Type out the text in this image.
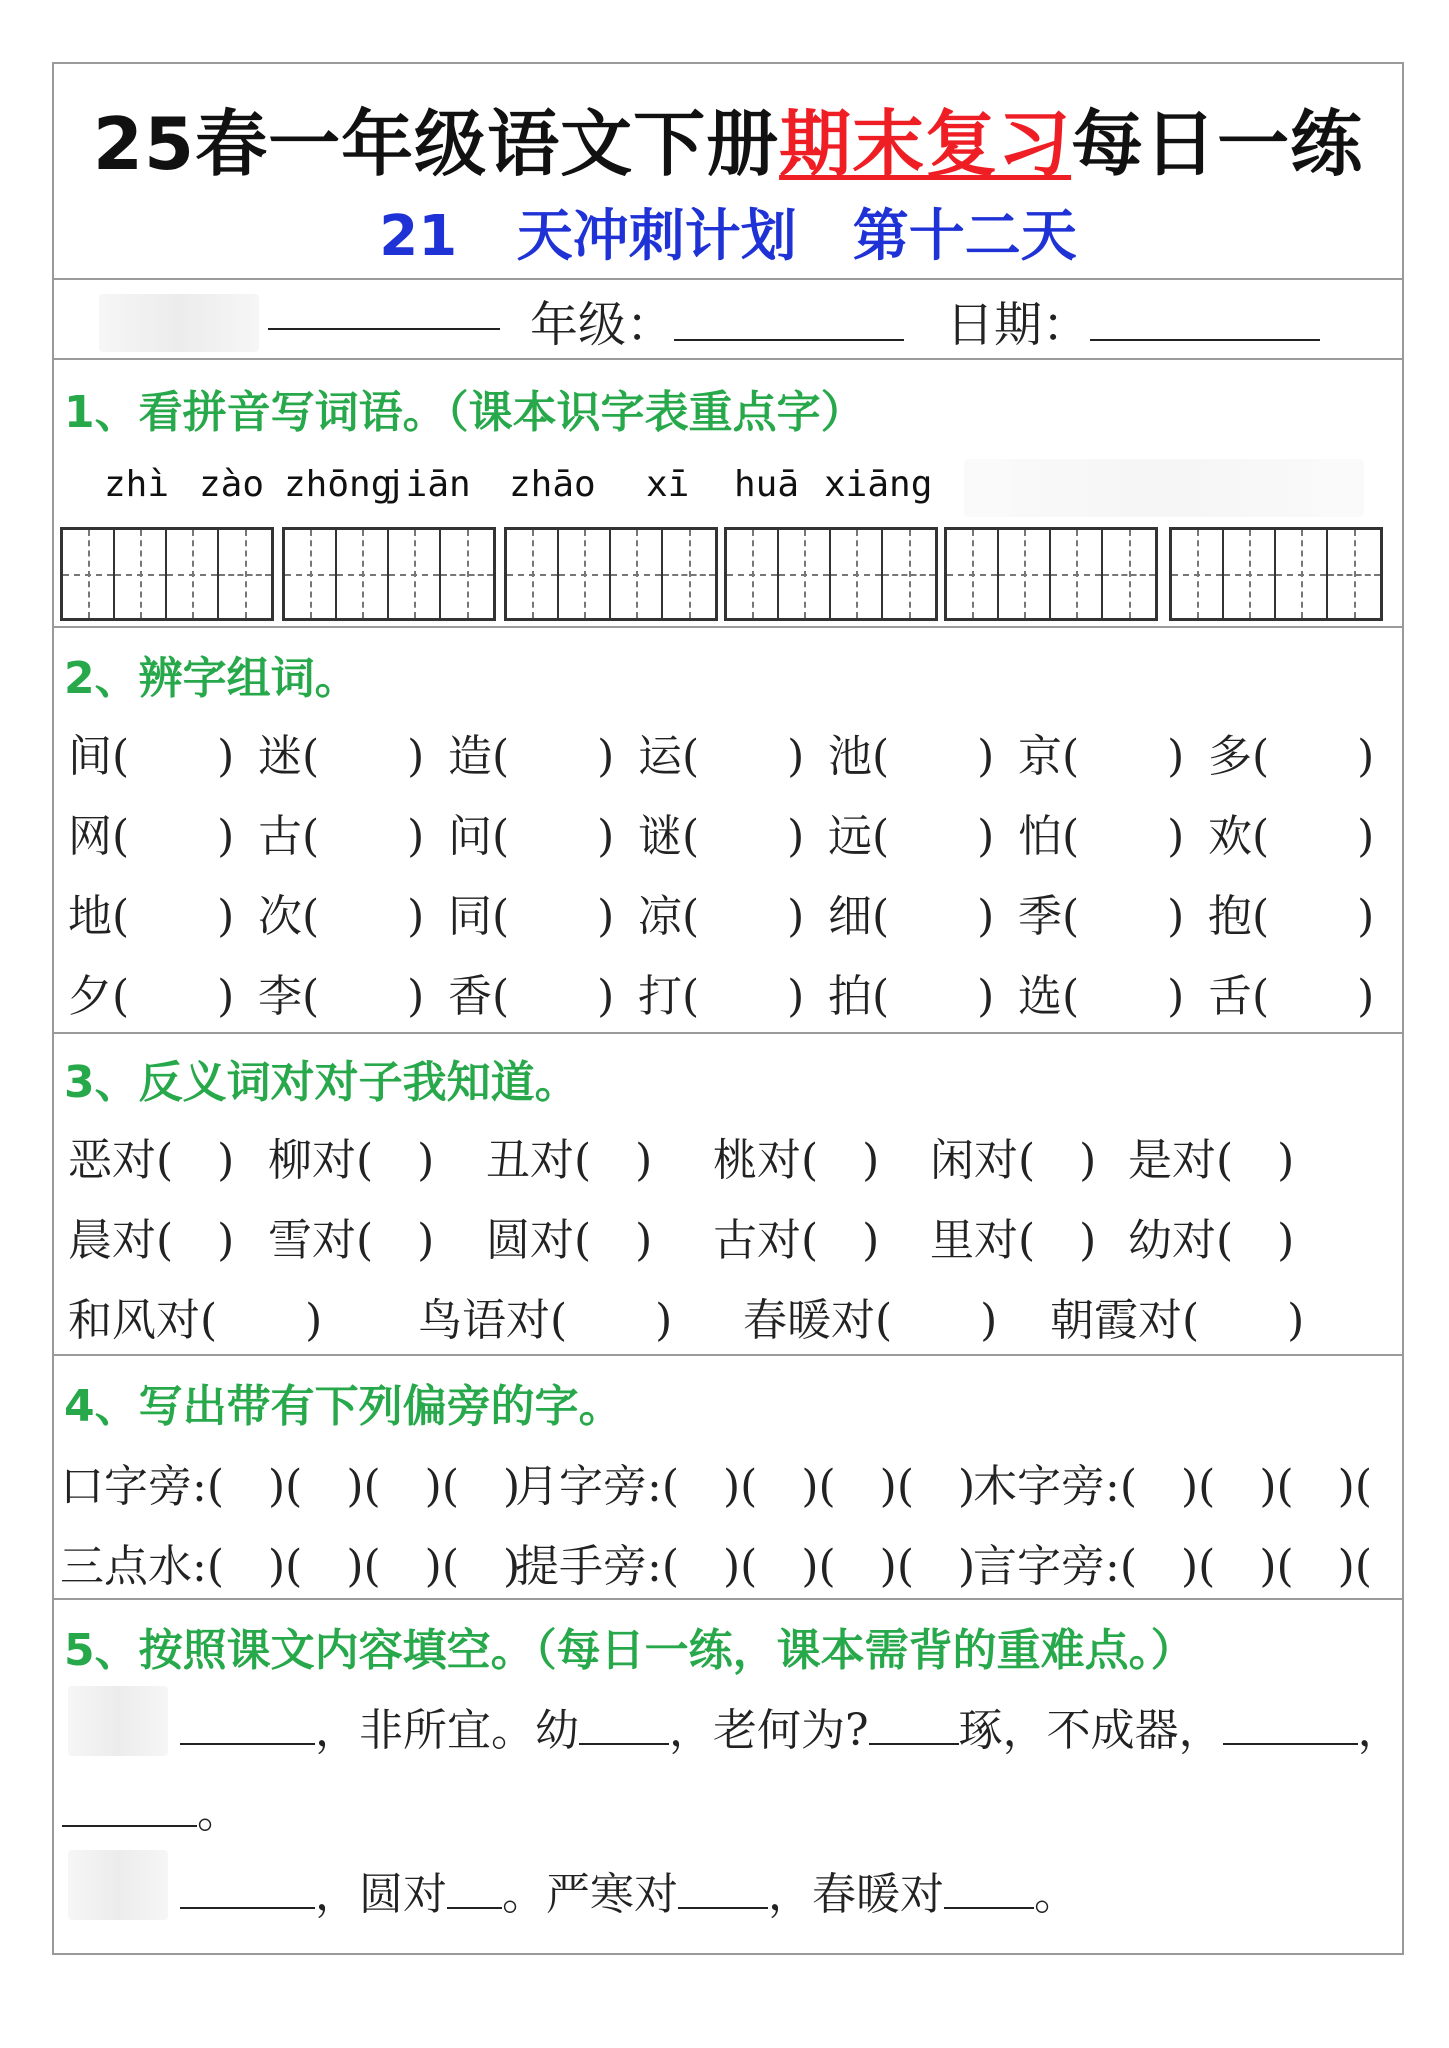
25春一年级语文下册期末复习每日一练
21 天冲刺计划　第十二天
年级：	日期：
1、看拼音写词语。（课本识字表重点字）
zhì zào zhōng
jiān zhāo xī huā xiāng
2、辨字组词。
间(　　) 迷(　　) 造(　　) 运(　　) 池(　　) 京(　　) 多(　　)
网(　　) 古(　　) 问(　　) 谜(　　) 远(　　) 怕(　　) 欢(　　)
地(　　) 次(　　) 同(　　) 凉(　　) 细(　　) 季(　　) 抱(　　)
夕(　　) 李(　　) 香(　　) 打(　　) 拍(　　) 选(　　) 舌(　　)
3、反义词对对子我知道。
恶对(　) 柳对(　) 丑对(　) 桃对(　) 闲对(　) 是对(　)
晨对(　) 雪对(　) 圆对(　) 古对(　) 里对(　) 幼对(　)
和风对(　　) 鸟语对(　　) 春暖对(　　) 朝霞对(　　)
4、写出带有下列偏旁的字。
口字旁:(　)(　)(　)(　)
月字旁:(　)(　)(　)(　)
木字旁:(　)(　)(　)(
三点水:(　)(　)(　)(　)
提手旁:(　)(　)(　)(　)
言字旁:(　)(　)(　)(
5、按照课文内容填空。（每日一练，课本需背的重难点。）
，非所宜。幼 ，老何为? 琢，不成器，	，
。
，圆对 。严寒对 ，春暖对 。
